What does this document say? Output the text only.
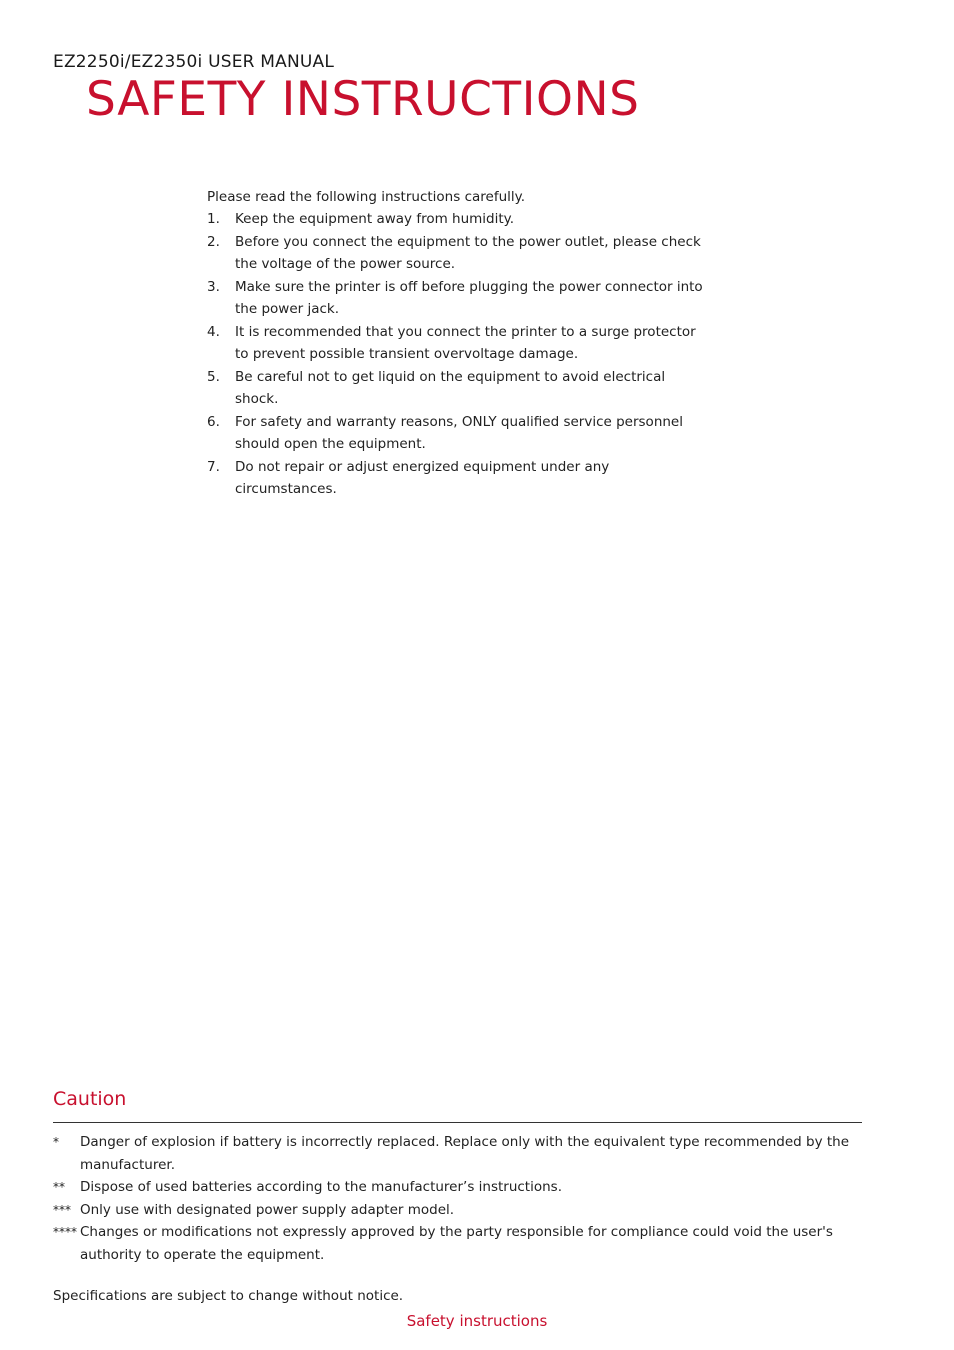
EZ2250i/EZ2350i USER MANUAL
SAFETY INSTRUCTIONS
Please read the following instructions carefully.
1.	Keep the equipment away from humidity.
2.	Before you connect the equipment to the power outlet, please check the voltage of the power source.
3.	Make sure the printer is off before plugging the power connector into the power jack.
4.	It is recommended that you connect the printer to a surge protector to prevent possible transient overvoltage damage.
5.	Be careful not to get liquid on the equipment to avoid electrical shock.
6.	For safety and warranty reasons, ONLY qualified service personnel should open the equipment.
7.	Do not repair or adjust energized equipment under any circumstances.
Caution
*	Danger of explosion if battery is incorrectly replaced. Replace only with the equivalent type recommended by the manufacturer.
**	Dispose of used batteries according to the manufacturer’s instructions.
*** Only use with designated power supply adapter model.
**** Changes or modifications not expressly approved by the party responsible for compliance could void the user's authority to operate the equipment.
Specifications are subject to change without notice.
Safety instructions
